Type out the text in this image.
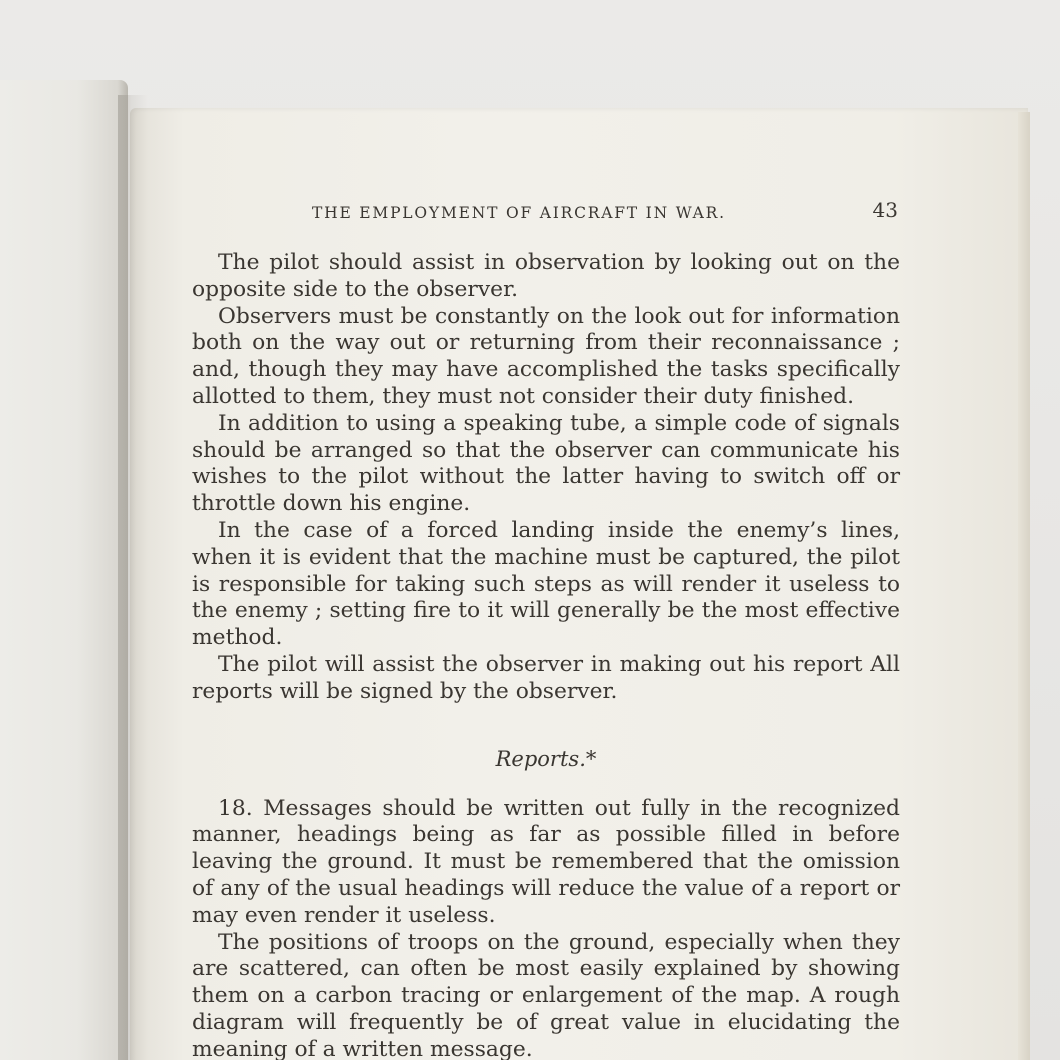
THE EMPLOYMENT OF AIRCRAFT IN WAR.	43

The pilot should assist in observation by looking out on the opposite side to the observer.

Observers must be constantly on the look out for information both on the way out or returning from their reconnaissance ; and, though they may have accomplished the tasks specifically allotted to them, they must not consider their duty finished.

In addition to using a speaking tube, a simple code of signals should be arranged so that the observer can communicate his wishes to the pilot without the latter having to switch off or throttle down his engine.

In the case of a forced landing inside the enemy’s lines, when it is evident that the machine must be captured, the pilot is responsible for taking such steps as will render it useless to the enemy ; setting fire to it will generally be the most effective method.

The pilot will assist the observer in making out his report All reports will be signed by the observer.

Reports.*

18. Messages should be written out fully in the recognized manner, headings being as far as possible filled in before leaving the ground. It must be remembered that the omission of any of the usual headings will reduce the value of a report or may even render it useless.

The positions of troops on the ground, especially when they are scattered, can often be most easily explained by showing them on a carbon tracing or enlargement of the map. A rough diagram will frequently be of great value in elucidating the meaning of a written message.
